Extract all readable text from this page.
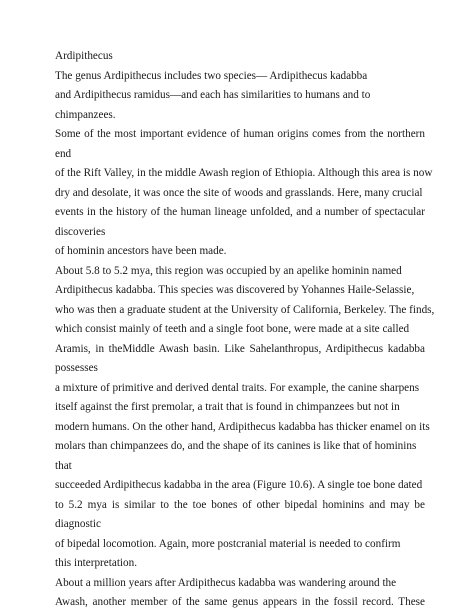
Ardipithecus
The genus Ardipithecus includes two species— Ardipithecus kadabba
and Ardipithecus ramidus—and each has similarities to humans and to
chimpanzees.
Some of the most important evidence of human origins comes from the northern
end
of the Rift Valley, in the middle Awash region of Ethiopia. Although this area is now
dry and desolate, it was once the site of woods and grasslands. Here, many crucial
events in the history of the human lineage unfolded, and a number of spectacular
discoveries
of hominin ancestors have been made.
About 5.8 to 5.2 mya, this region was occupied by an apelike hominin named
Ardipithecus kadabba. This species was discovered by Yohannes Haile-Selassie,
who was then a graduate student at the University of California, Berkeley. The finds,
which consist mainly of teeth and a single foot bone, were made at a site called
Aramis, in theMiddle Awash basin. Like Sahelanthropus, Ardipithecus kadabba
possesses
a mixture of primitive and derived dental traits. For example, the canine sharpens
itself against the first premolar, a trait that is found in chimpanzees but not in
modern humans. On the other hand, Ardipithecus kadabba has thicker enamel on its
molars than chimpanzees do, and the shape of its canines is like that of hominins
that
succeeded Ardipithecus kadabba in the area (Figure 10.6). A single toe bone dated
to 5.2 mya is similar to the toe bones of other bipedal hominins and may be
diagnostic
of bipedal locomotion. Again, more postcranial material is needed to confirm
this interpretation.
About a million years after Ardipithecus kadabba was wandering around the
Awash, another member of the same genus appears in the fossil record. These
